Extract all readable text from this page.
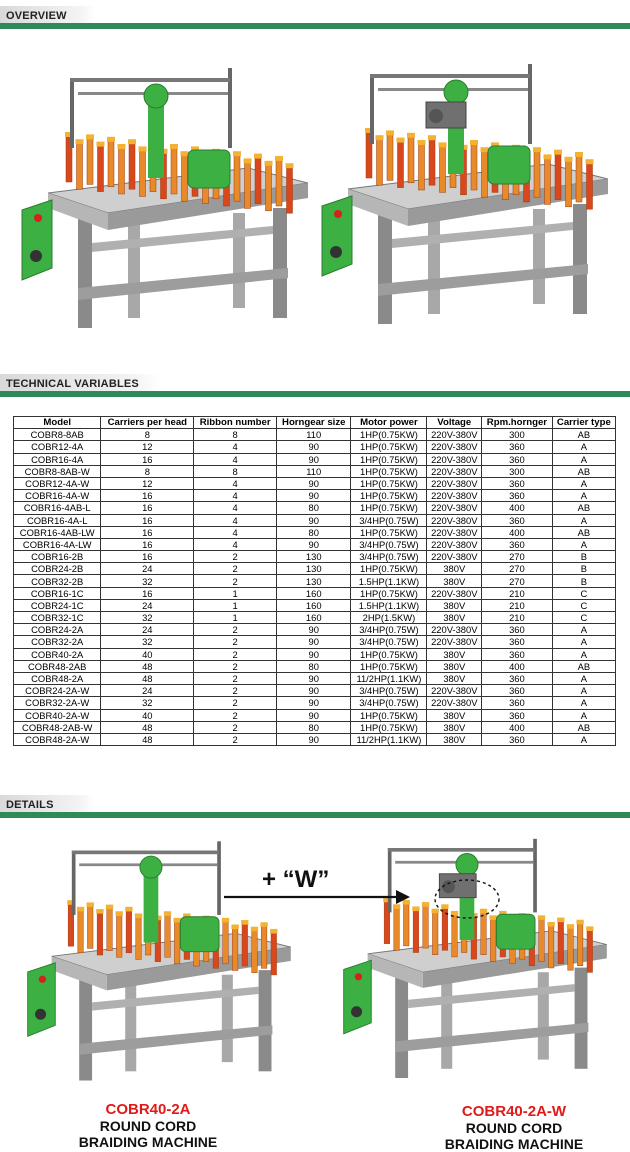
OVERVIEW
TECHNICAL VARIABLES
Model	Carriers per head	Ribbon number	Horngear size	Motor power	Voltage	Rpm.hornger	Carrier type
COBR8-8AB	8	8	110	1HP(0.75KW)	220V-380V	300	AB
COBR12-4A	12	4	90	1HP(0.75KW)	220V-380V	360	A
COBR16-4A	16	4	90	1HP(0.75KW)	220V-380V	360	A
COBR8-8AB-W	8	8	110	1HP(0.75KW)	220V-380V	300	AB
COBR12-4A-W	12	4	90	1HP(0.75KW)	220V-380V	360	A
COBR16-4A-W	16	4	90	1HP(0.75KW)	220V-380V	360	A
COBR16-4AB-L	16	4	80	1HP(0.75KW)	220V-380V	400	AB
COBR16-4A-L	16	4	90	3/4HP(0.75W)	220V-380V	360	A
COBR16-4AB-LW	16	4	80	1HP(0.75KW)	220V-380V	400	AB
COBR16-4A-LW	16	4	90	3/4HP(0.75W)	220V-380V	360	A
COBR16-2B	16	2	130	3/4HP(0.75W)	220V-380V	270	B
COBR24-2B	24	2	130	1HP(0.75KW)	380V	270	B
COBR32-2B	32	2	130	1.5HP(1.1KW)	380V	270	B
COBR16-1C	16	1	160	1HP(0.75KW)	220V-380V	210	C
COBR24-1C	24	1	160	1.5HP(1.1KW)	380V	210	C
COBR32-1C	32	1	160	2HP(1.5KW)	380V	210	C
COBR24-2A	24	2	90	3/4HP(0.75W)	220V-380V	360	A
COBR32-2A	32	2	90	3/4HP(0.75W)	220V-380V	360	A
COBR40-2A	40	2	90	1HP(0.75KW)	380V	360	A
COBR48-2AB	48	2	80	1HP(0.75KW)	380V	400	AB
COBR48-2A	48	2	90	11/2HP(1.1KW)	380V	360	A
COBR24-2A-W	24	2	90	3/4HP(0.75W)	220V-380V	360	A
COBR32-2A-W	32	2	90	3/4HP(0.75W)	220V-380V	360	A
COBR40-2A-W	40	2	90	1HP(0.75KW)	380V	360	A
COBR48-2AB-W	48	2	80	1HP(0.75KW)	380V	400	AB
COBR48-2A-W	48	2	90	11/2HP(1.1KW)	380V	360	A
DETAILS
+ “W”
COBR40-2A
ROUND CORD
BRAIDING MACHINE
COBR40-2A-W
ROUND CORD
BRAIDING MACHINE
